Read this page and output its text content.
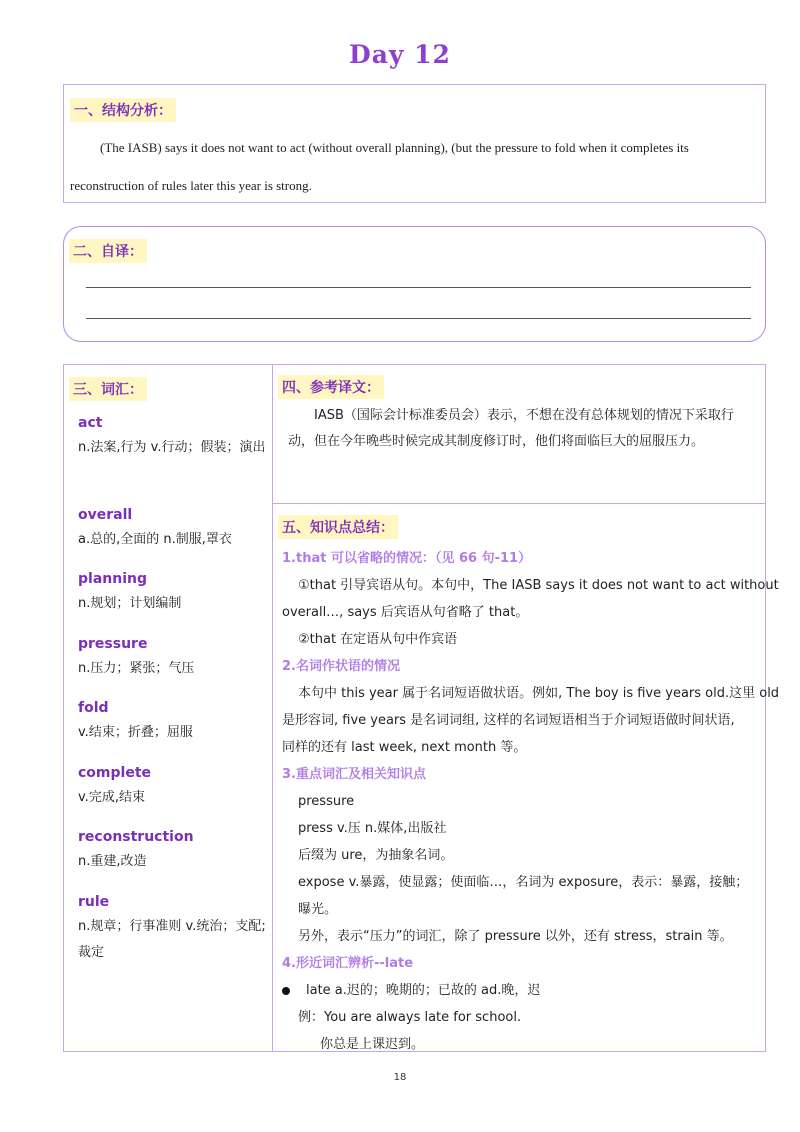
Day 12
一、结构分析：

(The IASB) says it does not want to act (without overall planning), (but the pressure to fold when it completes its

reconstruction of rules later this year is strong.

二、自译：
三、词汇：

act

n.法案,行为 v.行动；假装；演出

overall

a.总的,全面的 n.制服,罩衣

planning

n.规划；计划编制

pressure

n.压力；紧张；气压

fold

v.结束；折叠；屈服

complete

v.完成,结束

reconstruction

n.重建,改造

rule

n.规章；行事准则 v.统治；支配;裁定

四、参考译文：

IASB（国际会计标准委员会）表示，不想在没有总体规划的情况下采取行动，但在今年晚些时候完成其制度修订时，他们将面临巨大的屈服压力。

五、知识点总结：

1.that 可以省略的情况：（见 66 句-11）

①that 引导宾语从句。本句中，The IASB says it does not want to act without

overall…, says 后宾语从句省略了 that。

②that 在定语从句中作宾语

2.名词作状语的情况

本句中 this year 属于名词短语做状语。例如, The boy is five years old.这里 old

是形容词, five years 是名词词组, 这样的名词短语相当于介词短语做时间状语,

同样的还有 last week, next month 等。

3.重点词汇及相关知识点

pressure

press v.压 n.媒体,出版社

后缀为 ure，为抽象名词。

expose v.暴露，使显露；使面临…，名词为 exposure，表示：暴露，接触；

曝光。

另外，表示“压力”的词汇，除了 pressure 以外，还有 stress，strain 等。

4.形近词汇辨析--late

late a.迟的；晚期的；已故的 ad.晚，迟

例：You are always late for school.

你总是上课迟到。

18
